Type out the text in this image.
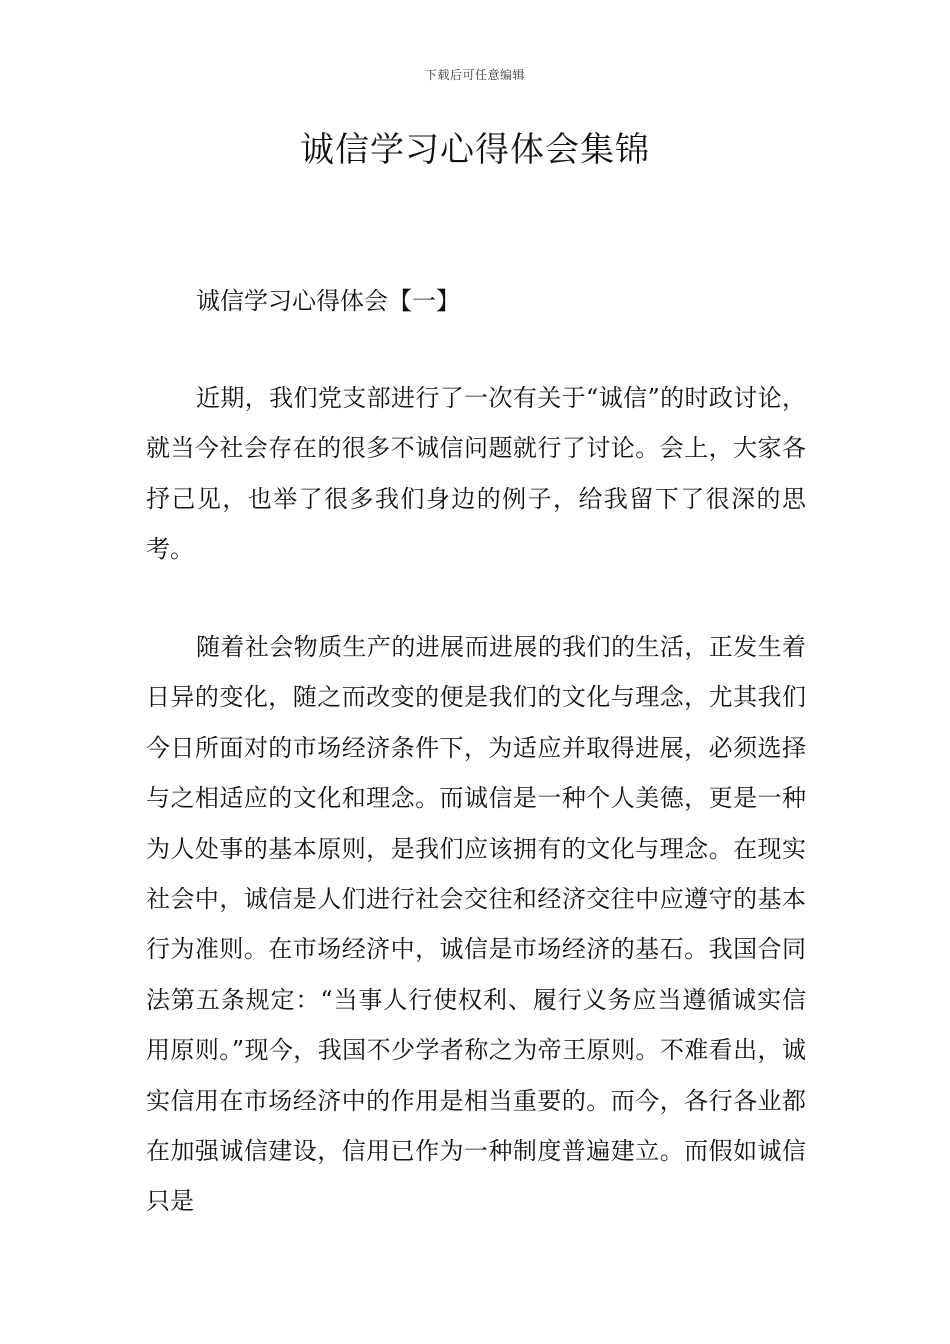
下载后可任意编辑
诚信学习心得体会集锦
诚信学习心得体会【一】

近期，我们党支部进行了一次有关于“诚信”的时政讨论，就当今社会存在的很多不诚信问题就行了讨论。会上，大家各抒己见，也举了很多我们身边的例子，给我留下了很深的思考。

随着社会物质生产的进展而进展的我们的生活，正发生着日异的变化，随之而改变的便是我们的文化与理念，尤其我们今日所面对的市场经济条件下，为适应并取得进展，必须选择与之相适应的文化和理念。而诚信是一种个人美德，更是一种为人处事的基本原则，是我们应该拥有的文化与理念。在现实社会中，诚信是人们进行社会交往和经济交往中应遵守的基本行为准则。在市场经济中，诚信是市场经济的基石。我国合同法第五条规定：“当事人行使权利、履行义务应当遵循诚实信用原则。”现今，我国不少学者称之为帝王原则。不难看出，诚实信用在市场经济中的作用是相当重要的。而今，各行各业都在加强诚信建设，信用已作为一种制度普遍建立。而假如诚信只是
